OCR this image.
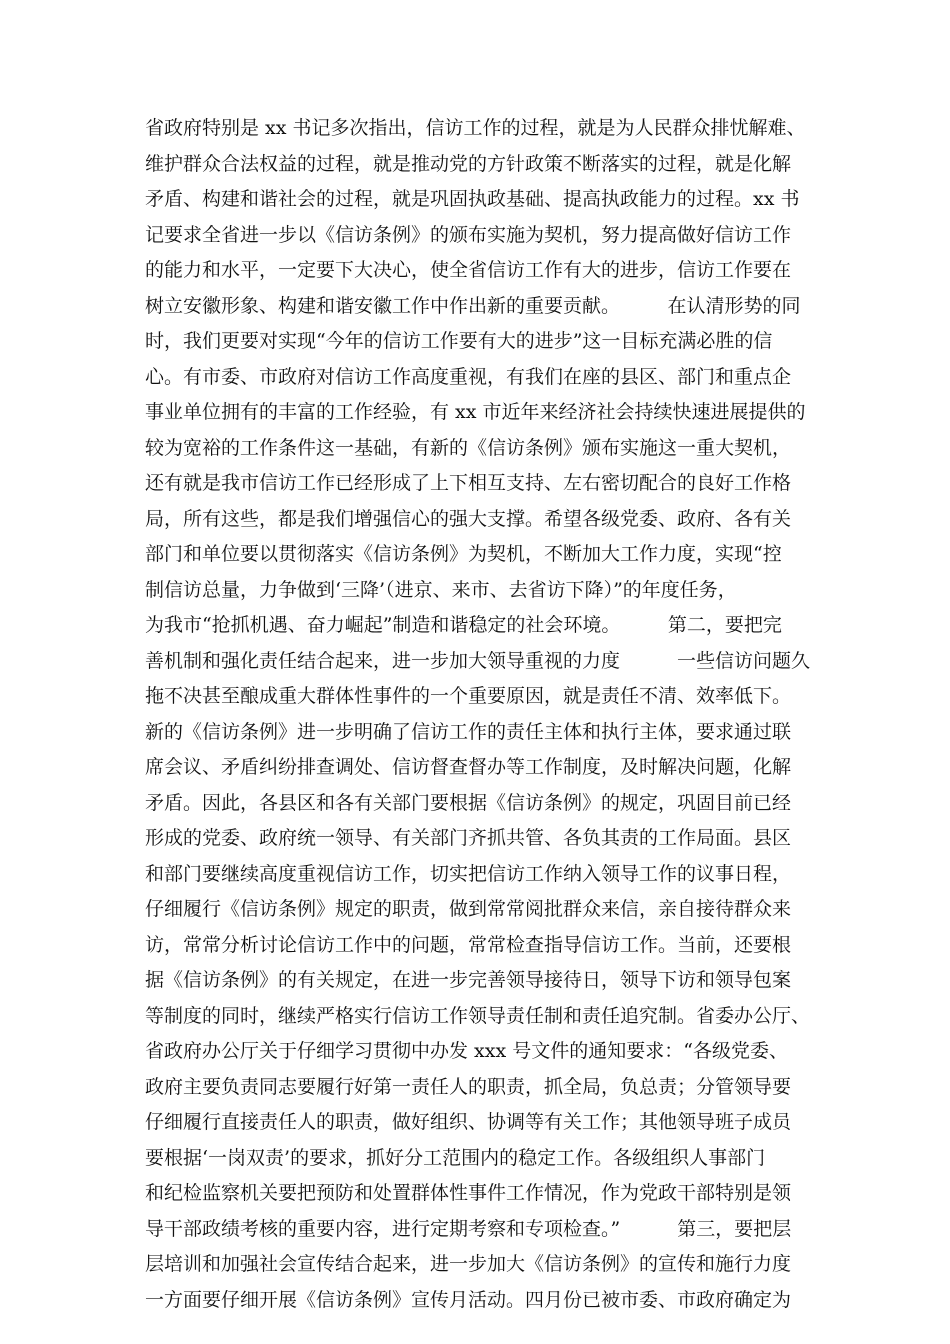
省政府特别是 xx 书记多次指出，信访工作的过程，就是为人民群众排忧解难、
维护群众合法权益的过程，就是推动党的方针政策不断落实的过程，就是化解
矛盾、构建和谐社会的过程，就是巩固执政基础、提高执政能力的过程。xx 书
记要求全省进一步以《信访条例》的颁布实施为契机，努力提高做好信访工作
的能力和水平，一定要下大决心，使全省信访工作有大的进步，信访工作要在
树立安徽形象、构建和谐安徽工作中作出新的重要贡献。　　　在认清形势的同
时，我们更要对实现“今年的信访工作要有大的进步”这一目标充满必胜的信
心。有市委、市政府对信访工作高度重视，有我们在座的县区、部门和重点企
事业单位拥有的丰富的工作经验，有 xx 市近年来经济社会持续快速进展提供的
较为宽裕的工作条件这一基础，有新的《信访条例》颁布实施这一重大契机，
还有就是我市信访工作已经形成了上下相互支持、左右密切配合的良好工作格
局，所有这些，都是我们增强信心的强大支撑。希望各级党委、政府、各有关
部门和单位要以贯彻落实《信访条例》为契机，不断加大工作力度，实现“控
制信访总量，力争做到‘三降’（进京、来市、去省访下降）”的年度任务，
为我市“抢抓机遇、奋力崛起”制造和谐稳定的社会环境。　　　第二，要把完
善机制和强化责任结合起来，进一步加大领导重视的力度　　　一些信访问题久
拖不决甚至酿成重大群体性事件的一个重要原因，就是责任不清、效率低下。
新的《信访条例》进一步明确了信访工作的责任主体和执行主体，要求通过联
席会议、矛盾纠纷排查调处、信访督查督办等工作制度，及时解决问题，化解
矛盾。因此，各县区和各有关部门要根据《信访条例》的规定，巩固目前已经
形成的党委、政府统一领导、有关部门齐抓共管、各负其责的工作局面。县区
和部门要继续高度重视信访工作，切实把信访工作纳入领导工作的议事日程，
仔细履行《信访条例》规定的职责，做到常常阅批群众来信，亲自接待群众来
访，常常分析讨论信访工作中的问题，常常检查指导信访工作。当前，还要根
据《信访条例》的有关规定，在进一步完善领导接待日，领导下访和领导包案
等制度的同时，继续严格实行信访工作领导责任制和责任追究制。省委办公厅、
省政府办公厅关于仔细学习贯彻中办发 xxx 号文件的通知要求：“各级党委、
政府主要负责同志要履行好第一责任人的职责，抓全局，负总责；分管领导要
仔细履行直接责任人的职责，做好组织、协调等有关工作；其他领导班子成员
要根据‘一岗双责’的要求，抓好分工范围内的稳定工作。各级组织人事部门
和纪检监察机关要把预防和处置群体性事件工作情况，作为党政干部特别是领
导干部政绩考核的重要内容，进行定期考察和专项检查。”　　　第三，要把层
层培训和加强社会宣传结合起来，进一步加大《信访条例》的宣传和施行力度
一方面要仔细开展《信访条例》宣传月活动。四月份已被市委、市政府确定为
